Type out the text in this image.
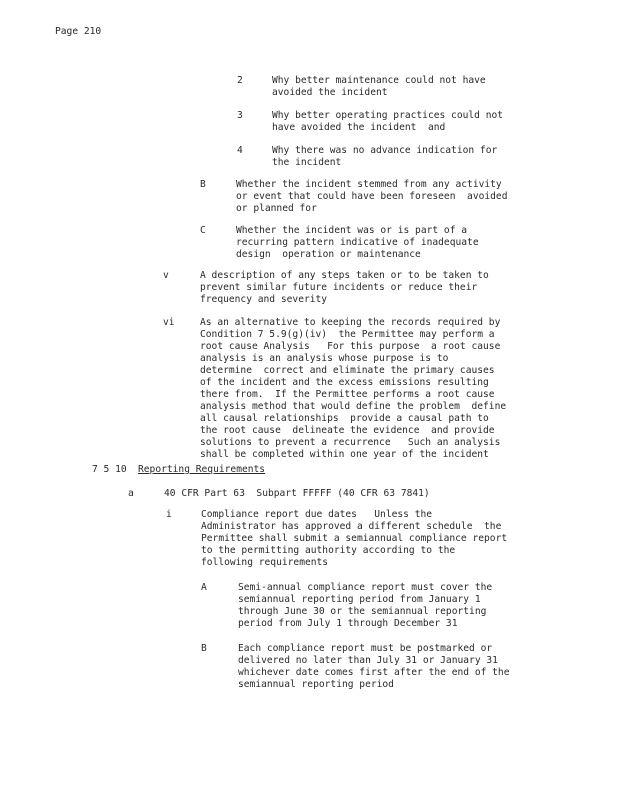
Page 210
2	Why better maintenance could not have
avoided the incident
3	Why better operating practices could not
have avoided the incident  and
4	Why there was no advance indication for
the incident
B	Whether the incident stemmed from any activity
or event that could have been foreseen  avoided
or planned for
C	Whether the incident was or is part of a
recurring pattern indicative of inadequate
design  operation or maintenance
v	A description of any steps taken or to be taken to
prevent similar future incidents or reduce their
frequency and severity
vi	As an alternative to keeping the records required by
Condition 7 5.9(g)(iv)  the Permittee may perform a
root cause Analysis   For this purpose  a root cause
analysis is an analysis whose purpose is to
determine  correct and eliminate the primary causes
of the incident and the excess emissions resulting
there from.  If the Permittee performs a root cause
analysis method that would define the problem  define
all causal relationships  provide a causal path to
the root cause  delineate the evidence  and provide
solutions to prevent a recurrence   Such an analysis
shall be completed within one year of the incident
7 5 10 Reporting Requirements
a	40 CFR Part 63  Subpart FFFFF (40 CFR 63 7841)
i	Compliance report due dates   Unless the
Administrator has approved a different schedule  the
Permittee shall submit a semiannual compliance report
to the permitting authority according to the
following requirements
A	Semi-annual compliance report must cover the
semiannual reporting period from January 1
through June 30 or the semiannual reporting
period from July 1 through December 31
B	Each compliance report must be postmarked or
delivered no later than July 31 or January 31
whichever date comes first after the end of the
semiannual reporting period
